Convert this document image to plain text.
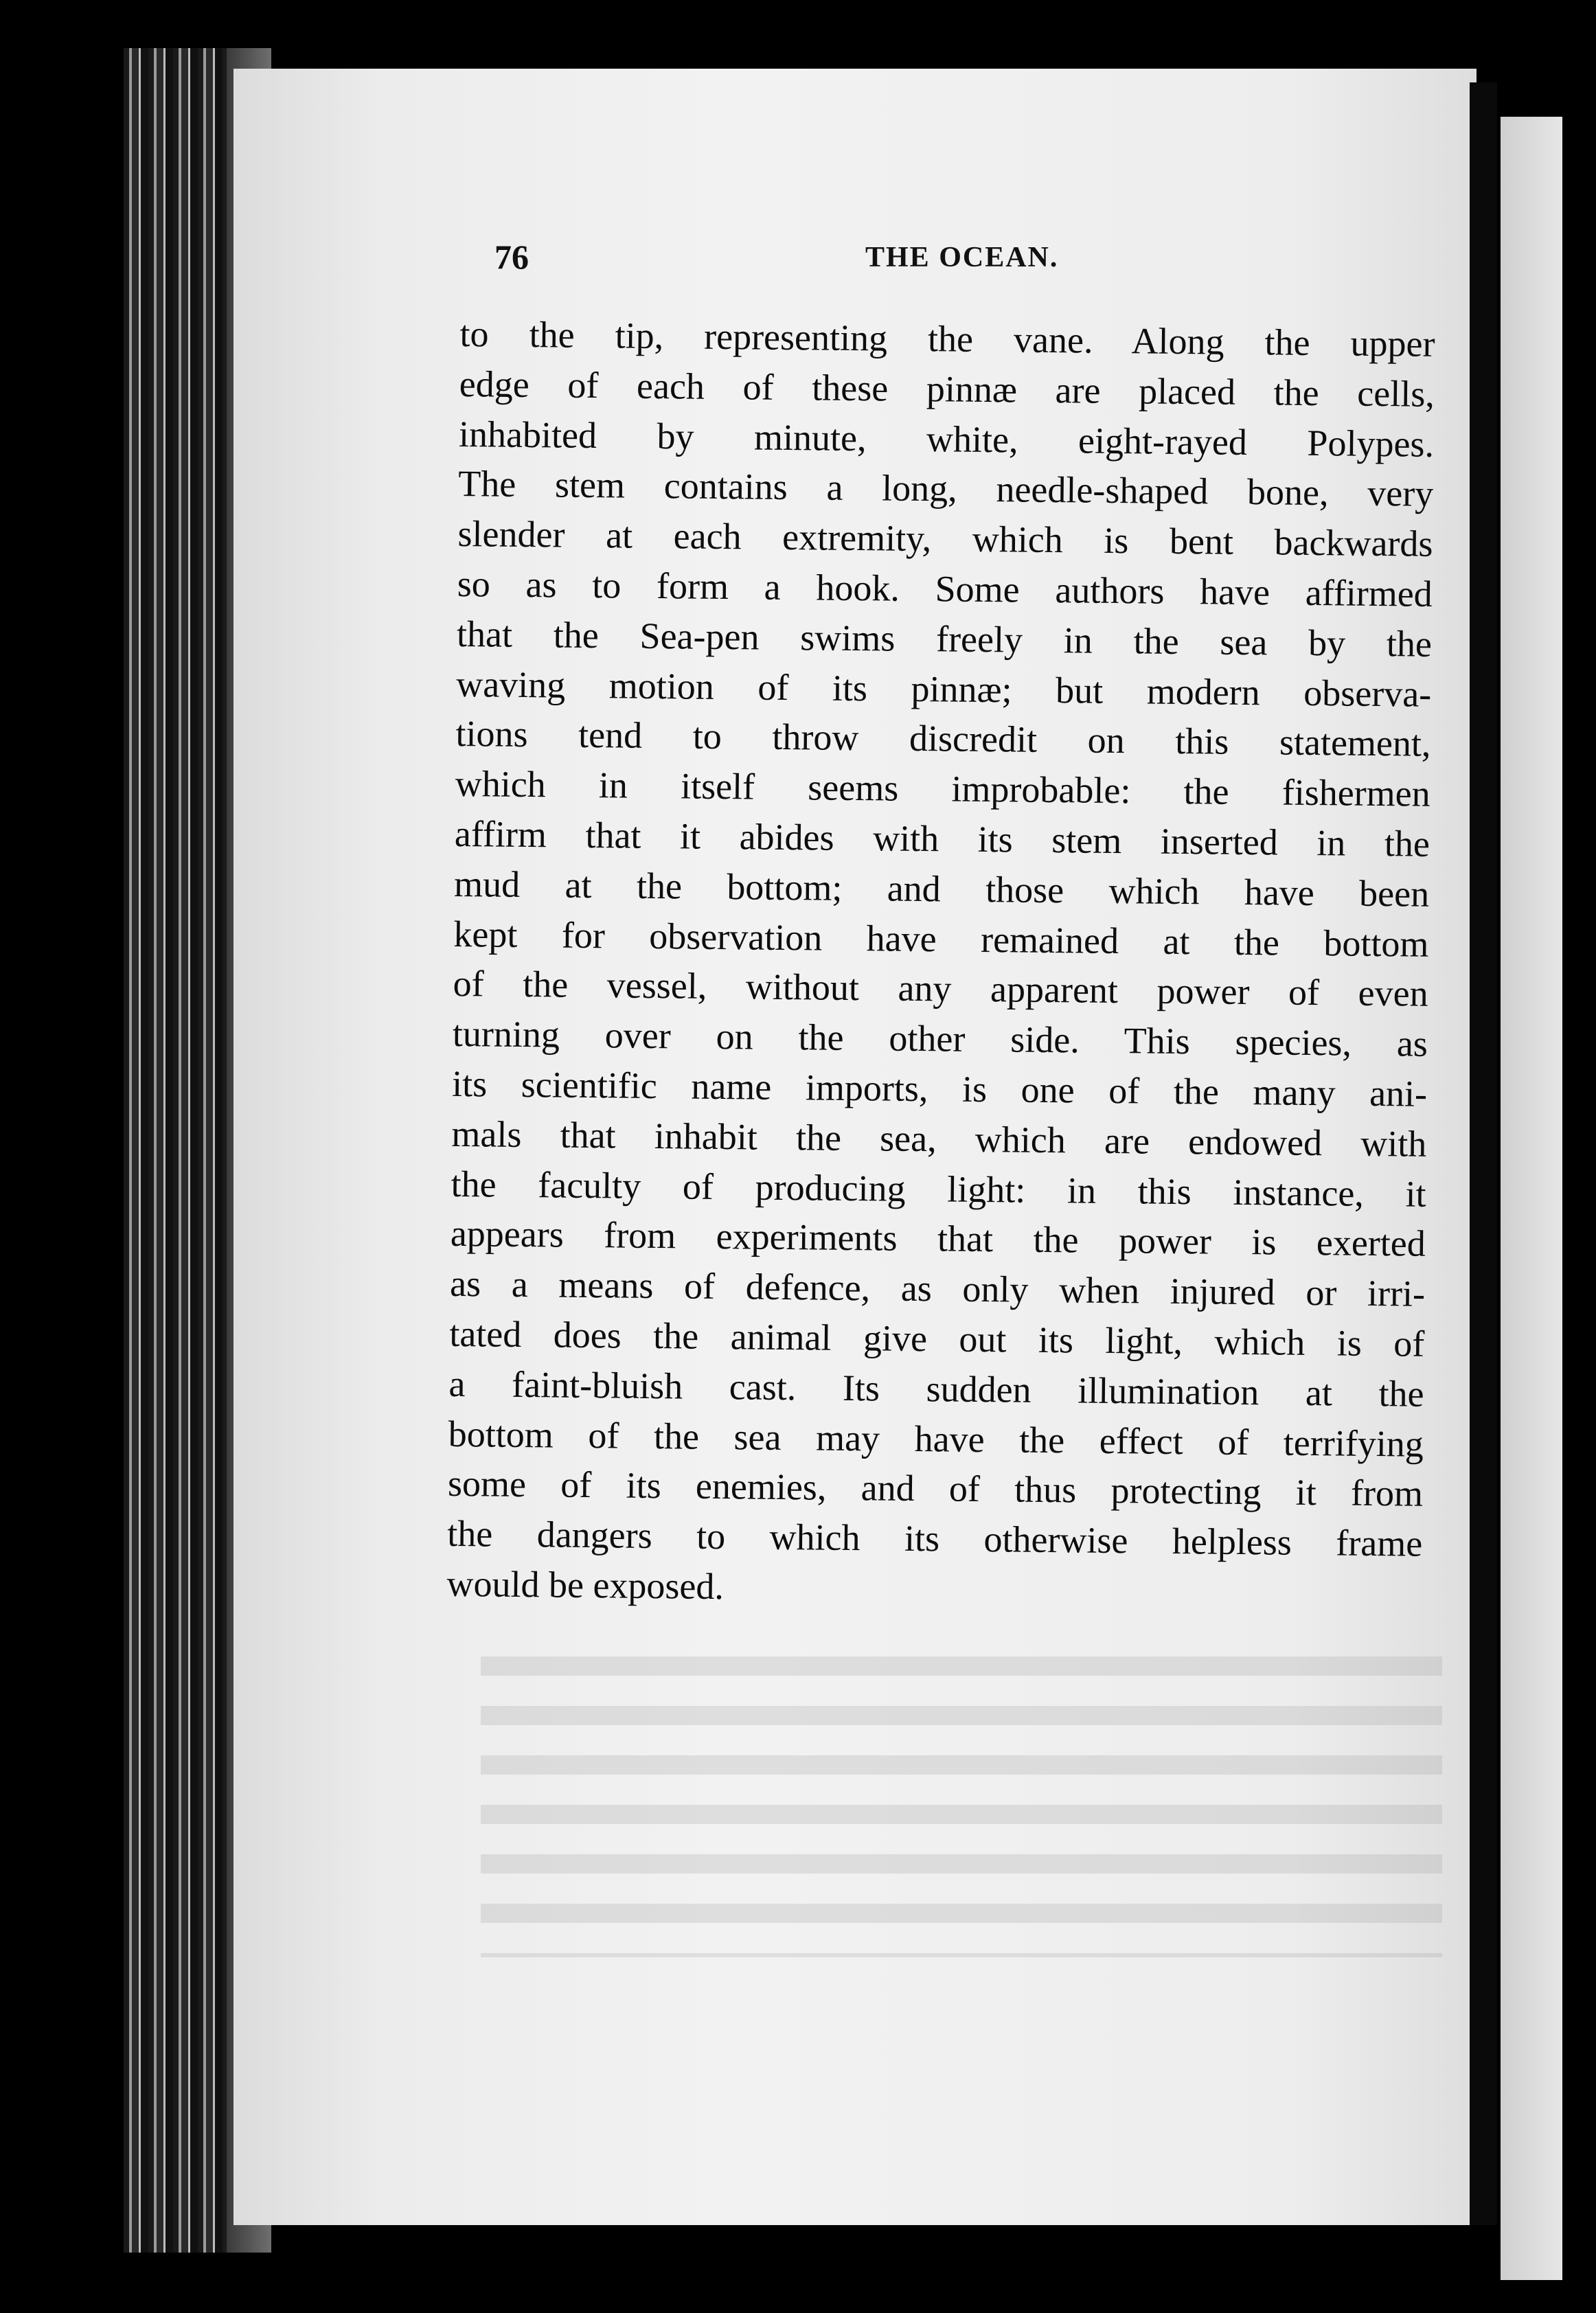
76	THE OCEAN.
to the tip, representing the vane. Along the upper
edge of each of these pinnæ are placed the cells,
inhabited by minute, white, eight-rayed Polypes.
The stem contains a long, needle-shaped bone, very
slender at each extremity, which is bent backwards
so as to form a hook. Some authors have affirmed
that the Sea-pen swims freely in the sea by the
waving motion of its pinnæ; but modern observa-
tions tend to throw discredit on this statement,
which in itself seems improbable: the fishermen
affirm that it abides with its stem inserted in the
mud at the bottom; and those which have been
kept for observation have remained at the bottom
of the vessel, without any apparent power of even
turning over on the other side. This species, as
its scientific name imports, is one of the many ani-
mals that inhabit the sea, which are endowed with
the faculty of producing light: in this instance, it
appears from experiments that the power is exerted
as a means of defence, as only when injured or irri-
tated does the animal give out its light, which is of
a faint-bluish cast. Its sudden illumination at the
bottom of the sea may have the effect of terrifying
some of its enemies, and of thus protecting it from
the dangers to which its otherwise helpless frame
would be exposed.
